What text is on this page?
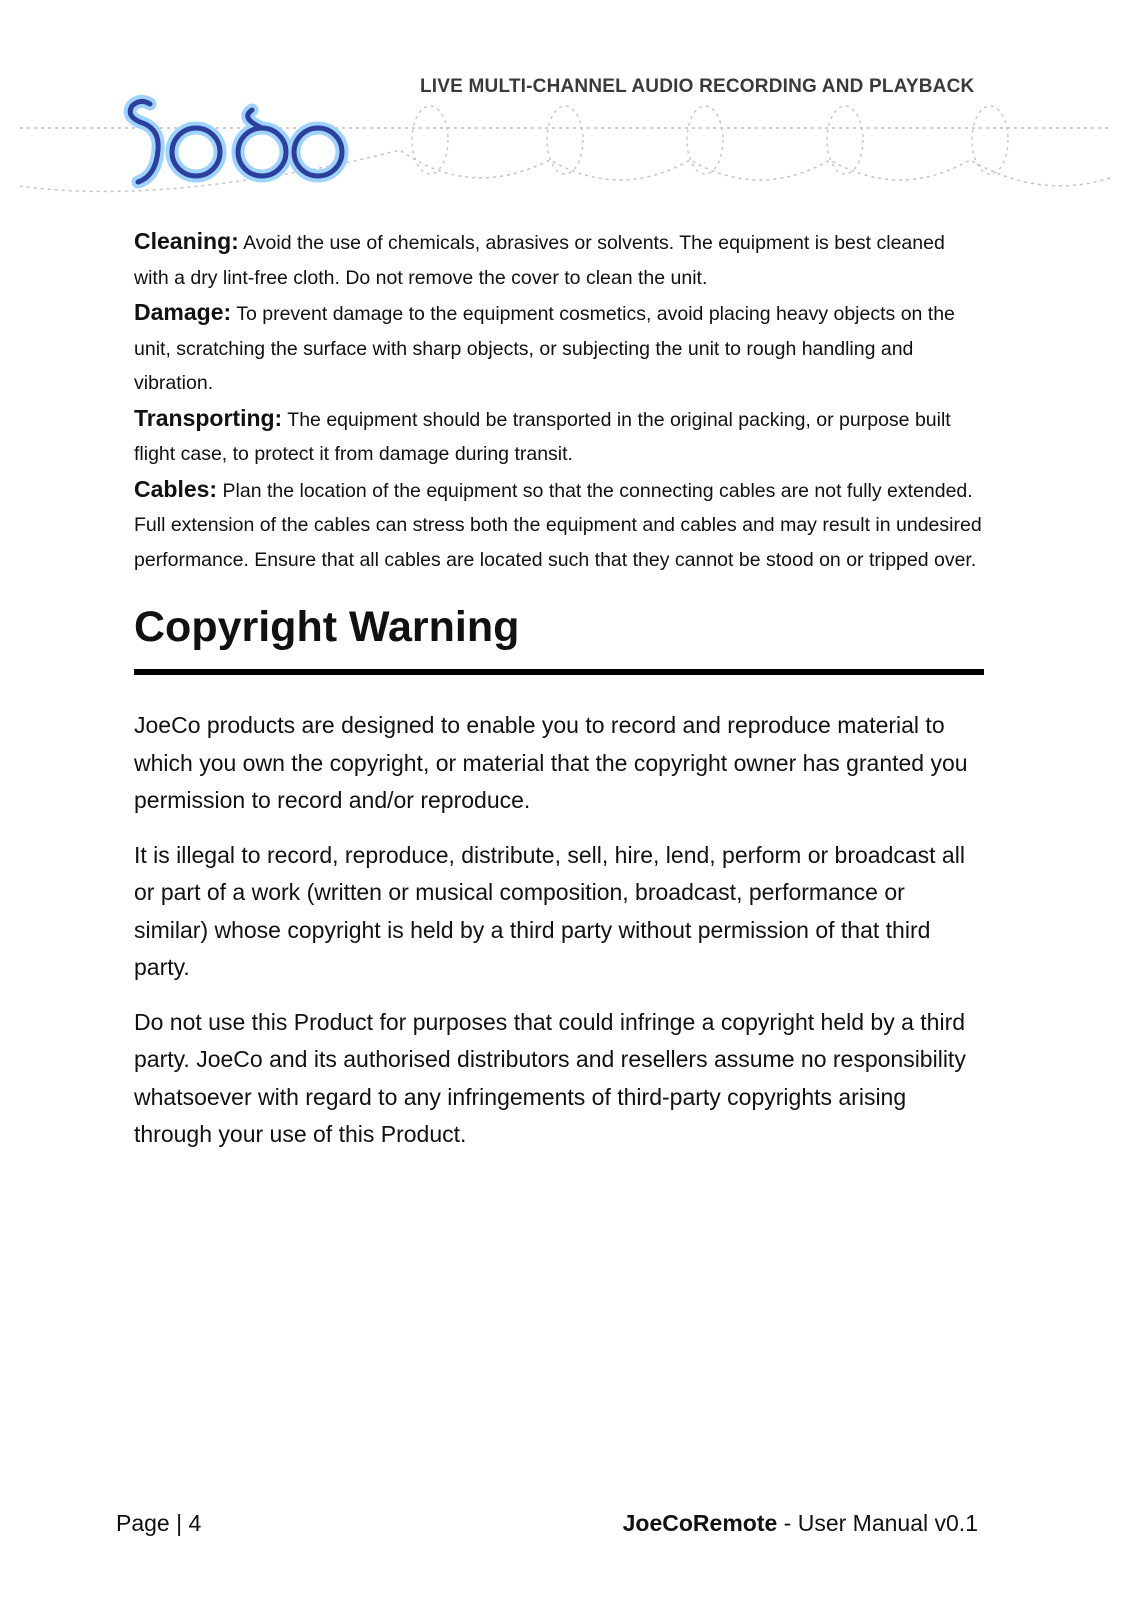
LIVE MULTI-CHANNEL AUDIO RECORDING AND PLAYBACK

Cleaning: Avoid the use of chemicals, abrasives or solvents. The equipment is best cleaned with a dry lint-free cloth. Do not remove the cover to clean the unit.

Damage: To prevent damage to the equipment cosmetics, avoid placing heavy objects on the unit, scratching the surface with sharp objects, or subjecting the unit to rough handling and vibration.

Transporting: The equipment should be transported in the original packing, or purpose built flight case, to protect it from damage during transit.

Cables: Plan the location of the equipment so that the connecting cables are not fully extended. Full extension of the cables can stress both the equipment and cables and may result in undesired performance. Ensure that all cables are located such that they cannot be stood on or tripped over.

Copyright Warning

JoeCo products are designed to enable you to record and reproduce material to which you own the copyright, or material that the copyright owner has granted you permission to record and/or reproduce.

It is illegal to record, reproduce, distribute, sell, hire, lend, perform or broadcast all or part of a work (written or musical composition, broadcast, performance or similar) whose copyright is held by a third party without permission of that third party.

Do not use this Product for purposes that could infringe a copyright held by a third party. JoeCo and its authorised distributors and resellers assume no responsibility whatsoever with regard to any infringements of third-party copyrights arising through your use of this Product.

Page | 4	JoeCoRemote - User Manual v0.1
